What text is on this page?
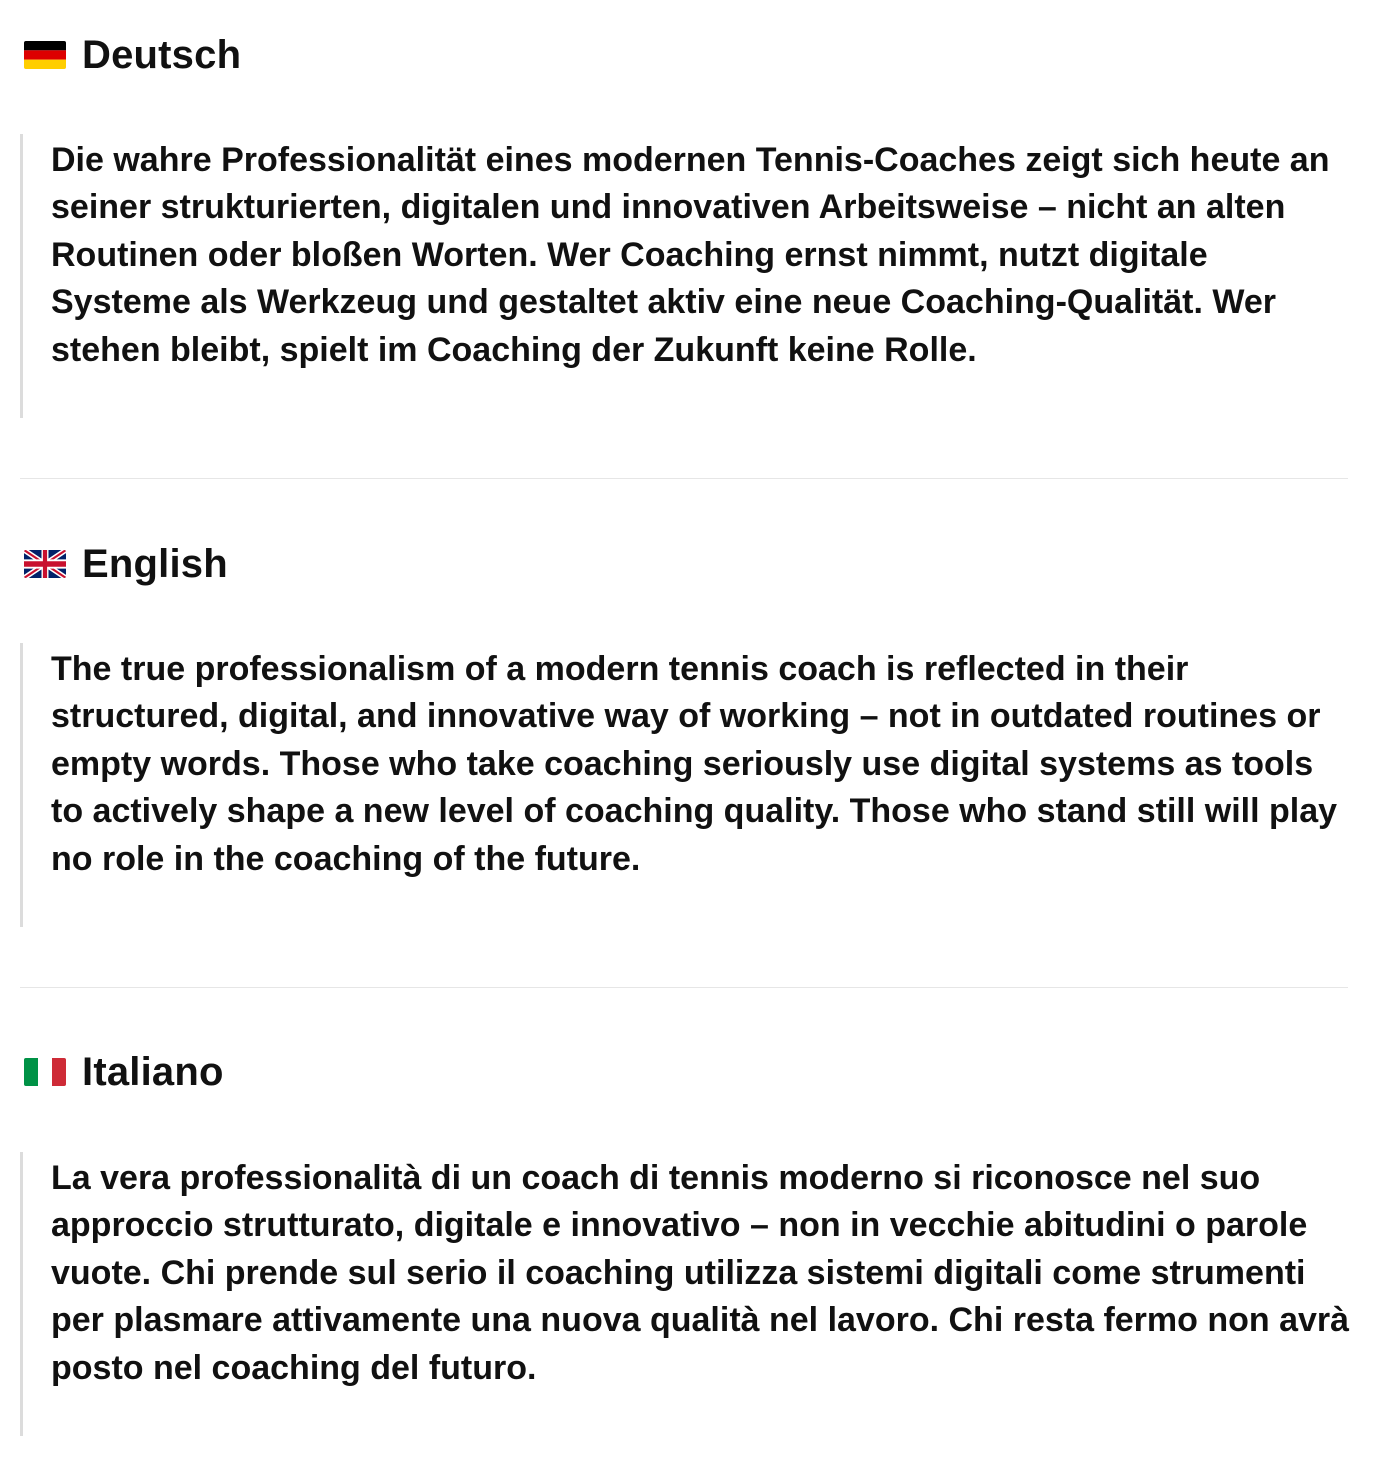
Deutsch

Die wahre Professionalität eines modernen Tennis-Coaches zeigt sich heute an seiner strukturierten, digitalen und innovativen Arbeitsweise – nicht an alten Routinen oder bloßen Worten. Wer Coaching ernst nimmt, nutzt digitale Systeme als Werkzeug und gestaltet aktiv eine neue Coaching-Qualität. Wer stehen bleibt, spielt im Coaching der Zukunft keine Rolle.

English

The true professionalism of a modern tennis coach is reflected in their structured, digital, and innovative way of working – not in outdated routines or empty words. Those who take coaching seriously use digital systems as tools to actively shape a new level of coaching quality. Those who stand still will play no role in the coaching of the future.

Italiano

La vera professionalità di un coach di tennis moderno si riconosce nel suo approccio strutturato, digitale e innovativo – non in vecchie abitudini o parole vuote. Chi prende sul serio il coaching utilizza sistemi digitali come strumenti per plasmare attivamente una nuova qualità nel lavoro. Chi resta fermo non avrà posto nel coaching del futuro.
